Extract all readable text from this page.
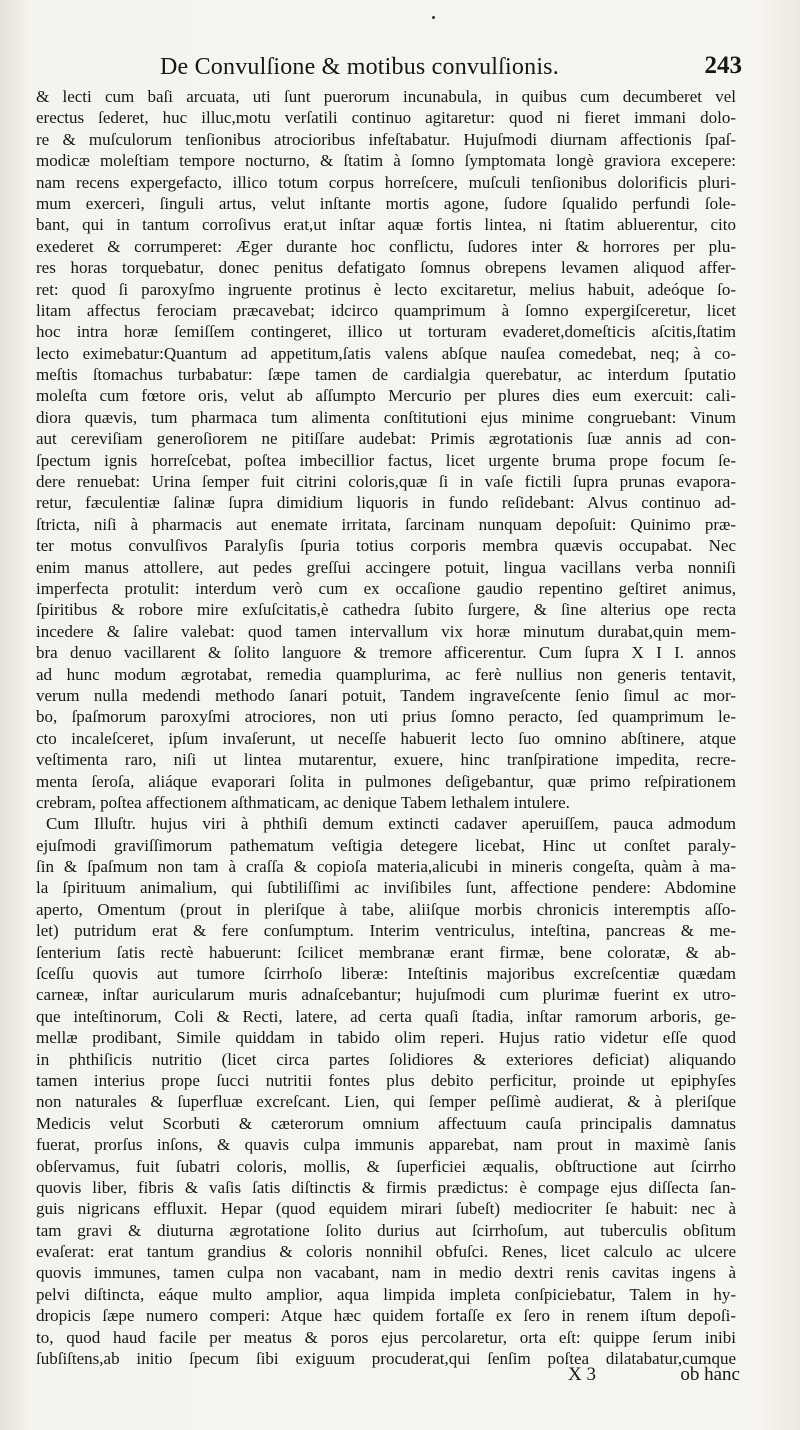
De Convulſione & motibus convulſionis.	243
& lecti cum baſi arcuata, uti ſunt puerorum incunabula, in quibus cum decumberet vel
erectus ſederet, huc illuc,motu verſatili continuo agitaretur: quod ni fieret immani dolo-
re & muſculorum tenſionibus atrocioribus infeſtabatur. Hujuſmodi diurnam affectionis ſpaſ-
modicæ moleſtiam tempore nocturno, & ſtatim à ſomno ſymptomata longè graviora excepere:
nam recens expergefacto, illico totum corpus horreſcere, muſculi tenſionibus dolorificis pluri-
mum exerceri, ſinguli artus, velut inſtante mortis agone, ſudore ſqualido perfundi ſole-
bant, qui in tantum corroſivus erat,ut inſtar aquæ fortis lintea, ni ſtatim abluerentur, cito
exederet & corrumperet: Æger durante hoc conflictu, ſudores inter & horrores per plu-
res horas torquebatur, donec penitus defatigato ſomnus obrepens levamen aliquod affer-
ret: quod ſi paroxyſmo ingruente protinus è lecto excitaretur, melius habuit, adeóque ſo-
litam affectus ferociam præcavebat; idcirco quamprimum à ſomno expergiſceretur, licet
hoc intra horæ ſemiſſem contingeret, illico ut torturam evaderet,domeſticis aſcitis,ſtatim
lecto eximebatur:Quantum ad appetitum,ſatis valens abſque nauſea comedebat, neq; à co-
meſtis ſtomachus turbabatur: ſæpe tamen de cardialgia querebatur, ac interdum ſputatio
moleſta cum fœtore oris, velut ab aſſumpto Mercurio per plures dies eum exercuit: cali-
diora quævis, tum pharmaca tum alimenta conſtitutioni ejus minime congruebant: Vinum
aut cereviſiam generoſiorem ne pitiſſare audebat: Primis ægrotationis ſuæ annis ad con-
ſpectum ignis horreſcebat, poſtea imbecillior factus, licet urgente bruma prope focum ſe-
dere renuebat: Urina ſemper fuit citrini coloris,quæ ſi in vaſe fictili ſupra prunas evapora-
retur, fæculentiæ ſalinæ ſupra dimidium liquoris in fundo reſidebant: Alvus continuo ad-
ſtricta, niſi à pharmacis aut enemate irritata, ſarcinam nunquam depoſuit: Quinimo præ-
ter motus convulſivos Paralyſis ſpuria totius corporis membra quævis occupabat. Nec
enim manus attollere, aut pedes greſſui accingere potuit, lingua vacillans verba nonniſi
imperfecta protulit: interdum verò cum ex occaſione gaudio repentino geſtiret animus,
ſpiritibus & robore mire exſuſcitatis,è cathedra ſubito ſurgere, & ſine alterius ope recta
incedere & ſalire valebat: quod tamen intervallum vix horæ minutum durabat,quin mem-
bra denuo vacillarent & ſolito languore & tremore afficerentur. Cum ſupra X I I. annos
ad hunc modum ægrotabat, remedia quamplurima, ac ferè nullius non generis tentavit,
verum nulla medendi methodo ſanari potuit, Tandem ingraveſcente ſenio ſimul ac mor-
bo, ſpaſmorum paroxyſmi atrociores, non uti prius ſomno peracto, ſed quamprimum le-
cto incaleſceret, ipſum invaſerunt, ut neceſſe habuerit lecto ſuo omnino abſtinere, atque
veſtimenta raro, niſi ut lintea mutarentur, exuere, hinc tranſpiratione impedita, recre-
menta ſeroſa, aliáque evaporari ſolita in pulmones deſigebantur, quæ primo reſpirationem
crebram, poſtea affectionem aſthmaticam, ac denique Tabem lethalem intulere.
Cum Illuſtr. hujus viri à phthiſi demum extincti cadaver aperuiſſem, pauca admodum
ejuſmodi graviſſimorum pathematum veſtigia detegere licebat, Hinc ut conſtet paraly-
ſin & ſpaſmum non tam à craſſa & copioſa materia,alicubi in mineris congeſta, quàm à ma-
la ſpirituum animalium, qui ſubtiliſſimi ac inviſibiles ſunt, affectione pendere: Abdomine
aperto, Omentum (prout in pleriſque à tabe, aliiſque morbis chronicis interemptis aſſo-
let) putridum erat & fere conſumptum. Interim ventriculus, inteſtina, pancreas & me-
ſenterium ſatis rectè habuerunt: ſcilicet membranæ erant firmæ, bene coloratæ, & ab-
ſceſſu quovis aut tumore ſcirrhoſo liberæ: Inteſtinis majoribus excreſcentiæ quædam
carneæ, inſtar auricularum muris adnaſcebantur; hujuſmodi cum plurimæ fuerint ex utro-
que inteſtinorum, Coli & Recti, latere, ad certa quaſi ſtadia, inſtar ramorum arboris, ge-
mellæ prodibant, Simile quiddam in tabido olim reperi. Hujus ratio videtur eſſe quod
in phthiſicis nutritio (licet circa partes ſolidiores & exteriores deficiat) aliquando
tamen interius prope ſucci nutritii fontes plus debito perficitur, proinde ut epiphyſes
non naturales & ſuperfluæ excreſcant. Lien, qui ſemper peſſimè audierat, & à pleriſque
Medicis velut Scorbuti & cæterorum omnium affectuum cauſa principalis damnatus
fuerat, prorſus inſons, & quavis culpa immunis apparebat, nam prout in maximè ſanis
obſervamus, fuit ſubatri coloris, mollis, & ſuperficiei æqualis, obſtructione aut ſcirrho
quovis liber, fibris & vaſis ſatis diſtinctis & firmis prædictus: è compage ejus diſſecta ſan-
guis nigricans effluxit. Hepar (quod equidem mirari ſubeſt) mediocriter ſe habuit: nec à
tam gravi & diuturna ægrotatione ſolito durius aut ſcirrhoſum, aut tuberculis obſitum
evaſerat: erat tantum grandius & coloris nonnihil obfuſci. Renes, licet calculo ac ulcere
quovis immunes, tamen culpa non vacabant, nam in medio dextri renis cavitas ingens à
pelvi diſtincta, eáque multo amplior, aqua limpida impleta conſpiciebatur, Talem in hy-
dropicis ſæpe numero comperi: Atque hæc quidem fortaſſe ex ſero in renem iſtum depoſi-
to, quod haud facile per meatus & poros ejus percolaretur, orta eſt: quippe ſerum inibi
ſubſiſtens,ab initio ſpecum ſibi exiguum procuderat,qui ſenſim poſtea dilatabatur,cumque
X 3	ob hanc
